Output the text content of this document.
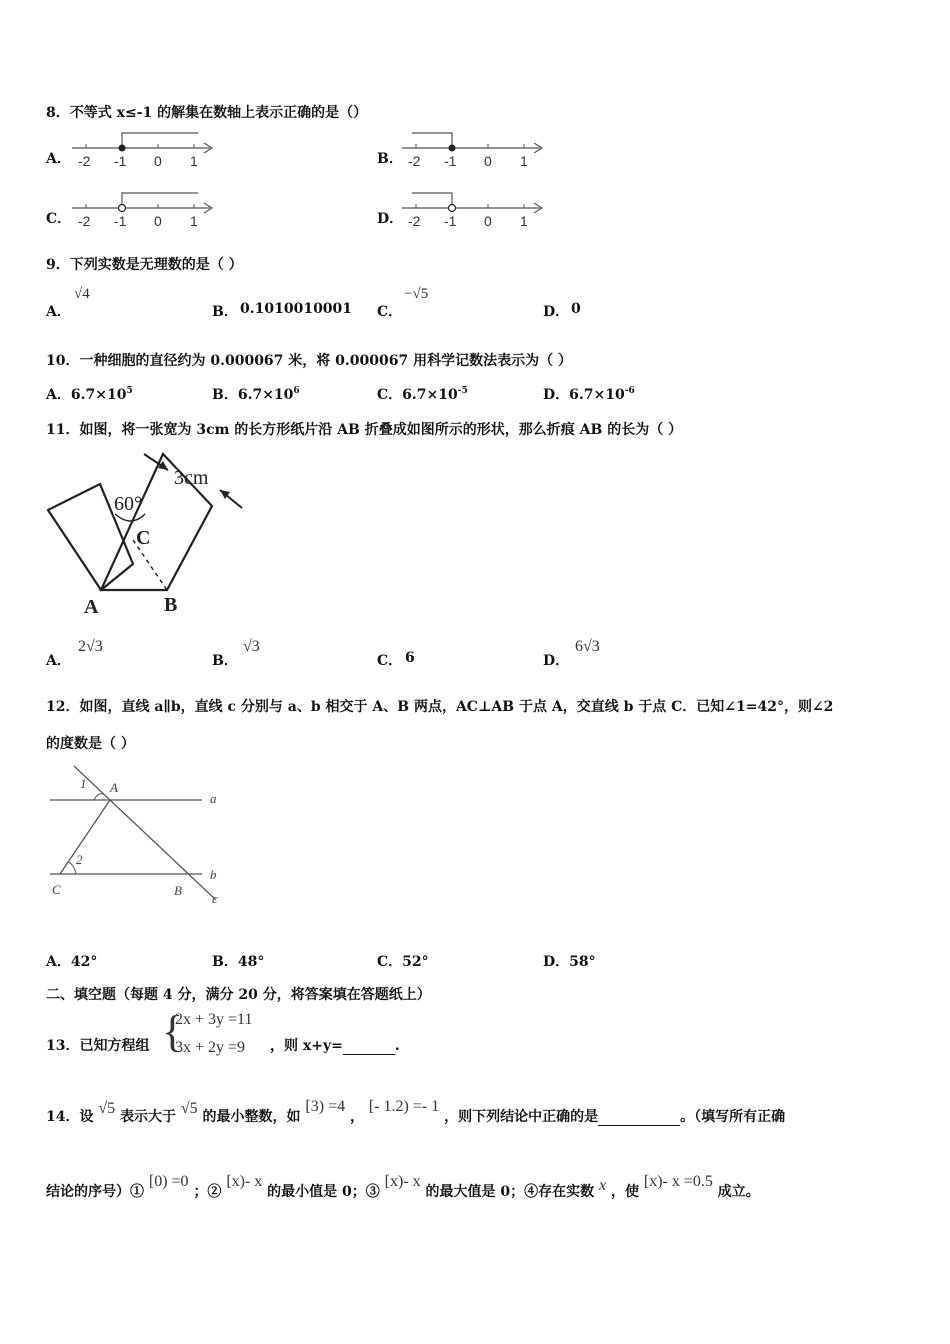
8．不等式 x≤-1 的解集在数轴上表示正确的是（）
A． -2 -1 0 1	B． -2 -1 0 1
C． -2 -1 0 1	D． -2 -1 0 1
9．下列实数是无理数的是（ ）
A．
√4
B． 0.1010010001 C．
−√5
D． 0
10．一种细胞的直径约为 0.000067 米，将 0.000067 用科学记数法表示为（ ）
A．$6.7\times 10^5$	B．$6.7\times 10^6$	C．$6.7\times 10^{-5}$	D．$6.7\times 10^{-6}$
11．如图，将一张宽为 3cm 的长方形纸片沿 AB 折叠成如图所示的形状，那么折痕 AB 的长为（ ）
3cm
60°
C
A	B
A．
2√3
B．
√3
C． 6	D．
6√3
12．如图，直线 a∥b，直线 c 分别与 a、b 相交于 A、B 两点，AC⊥AB 于点 A，交直线 b 于点 C．已知∠1=42°，则∠2
的度数是（ ）
1
2
A
C	B
a
b
c
A．42°	B．48°	C．52°	D．58°
二、填空题（每题 4 分，满分 20 分，将答案填在答题纸上）
13．已知方程组 {
2x + 3y =11
3x + 2y =9 ，则 x+y=	.
14．设 √5 表示大于 √5 的最小整数，如 [3) =4 ， [- 1.2) =- 1 ，则下列结论中正确的是	。（填写所有正确
结论的序号）① [0) =0 ；② [x)- x 的最小值是 0；③ [x)- x 的最大值是 0；④存在实数 x ，使 [x)- x =0.5 成立。
